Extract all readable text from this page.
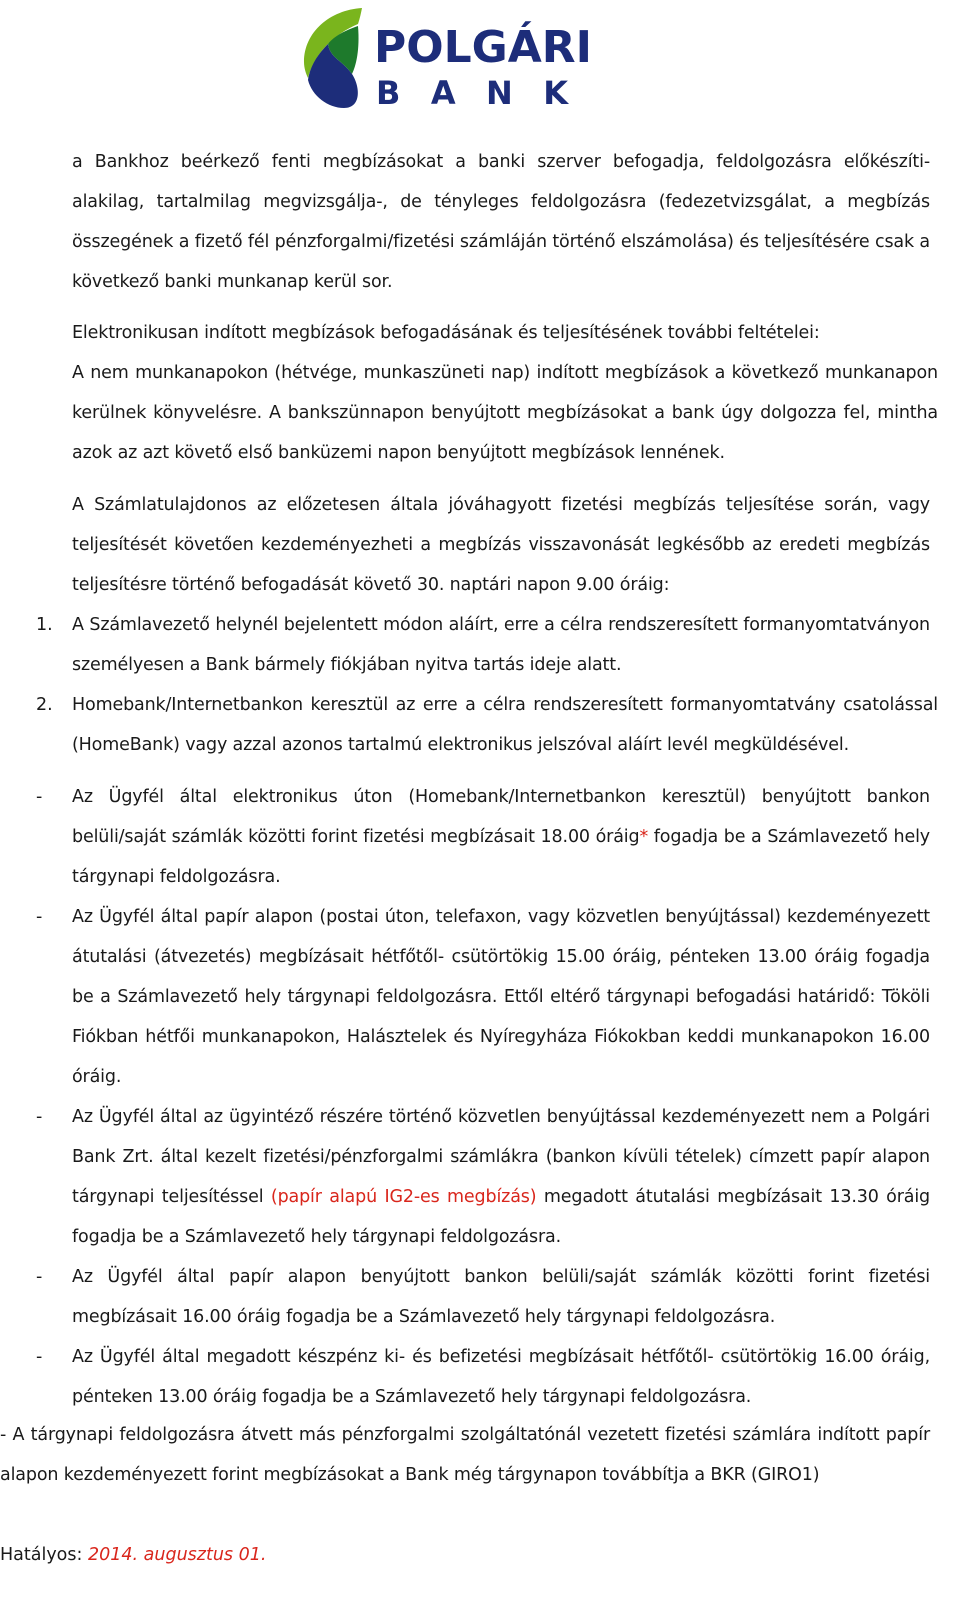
POLGÁRI
BANK

a Bankhoz beérkező fenti megbízásokat a banki szerver befogadja, feldolgozásra előkészíti-alakilag, tartalmilag megvizsgálja-, de tényleges feldolgozásra (fedezetvizsgálat, a megbízás összegének a fizető fél pénzforgalmi/fizetési számláján történő elszámolása) és teljesítésére csak a következő banki munkanap kerül sor.

Elektronikusan indított megbízások befogadásának és teljesítésének további feltételei:

A nem munkanapokon (hétvége, munkaszüneti nap) indított megbízások a következő munkanapon kerülnek könyvelésre. A bankszünnapon benyújtott megbízásokat a bank úgy dolgozza fel, mintha azok az azt követő első banküzemi napon benyújtott megbízások lennének.

A Számlatulajdonos az előzetesen általa jóváhagyott fizetési megbízás teljesítése során, vagy teljesítését követően kezdeményezheti a megbízás visszavonását legkésőbb az eredeti megbízás teljesítésre történő befogadását követő 30. naptári napon 9.00 óráig:

1. A Számlavezető helynél bejelentett módon aláírt, erre a célra rendszeresített formanyomtatványon személyesen a Bank bármely fiókjában nyitva tartás ideje alatt.

2. Homebank/Internetbankon keresztül az erre a célra rendszeresített formanyomtatvány csatolással (HomeBank) vagy azzal azonos tartalmú elektronikus jelszóval aláírt levél megküldésével.

- Az Ügyfél által elektronikus úton (Homebank/Internetbankon keresztül) benyújtott bankon belüli/saját számlák közötti forint fizetési megbízásait 18.00 óráig* fogadja be a Számlavezető hely tárgynapi feldolgozásra.

- Az Ügyfél által papír alapon (postai úton, telefaxon, vagy közvetlen benyújtással) kezdeményezett átutalási (átvezetés) megbízásait hétfőtől- csütörtökig 15.00 óráig, pénteken 13.00 óráig fogadja be a Számlavezető hely tárgynapi feldolgozásra. Ettől eltérő tárgynapi befogadási határidő: Tököli Fiókban hétfői munkanapokon, Halásztelek és Nyíregyháza Fiókokban keddi munkanapokon 16.00 óráig.

- Az Ügyfél által az ügyintéző részére történő közvetlen benyújtással kezdeményezett nem a Polgári Bank Zrt. által kezelt fizetési/pénzforgalmi számlákra (bankon kívüli tételek) címzett papír alapon tárgynapi teljesítéssel (papír alapú IG2-es megbízás) megadott átutalási megbízásait 13.30 óráig fogadja be a Számlavezető hely tárgynapi feldolgozásra.

- Az Ügyfél által papír alapon benyújtott bankon belüli/saját számlák közötti forint fizetési megbízásait 16.00 óráig fogadja be a Számlavezető hely tárgynapi feldolgozásra.

- Az Ügyfél által megadott készpénz ki- és befizetési megbízásait hétfőtől- csütörtökig 16.00 óráig, pénteken 13.00 óráig fogadja be a Számlavezető hely tárgynapi feldolgozásra.

- A tárgynapi feldolgozásra átvett más pénzforgalmi szolgáltatónál vezetett fizetési számlára indított papír alapon kezdeményezett forint megbízásokat a Bank még tárgynapon továbbítja a BKR (GIRO1)

Hatályos: 2014. augusztus 01.
